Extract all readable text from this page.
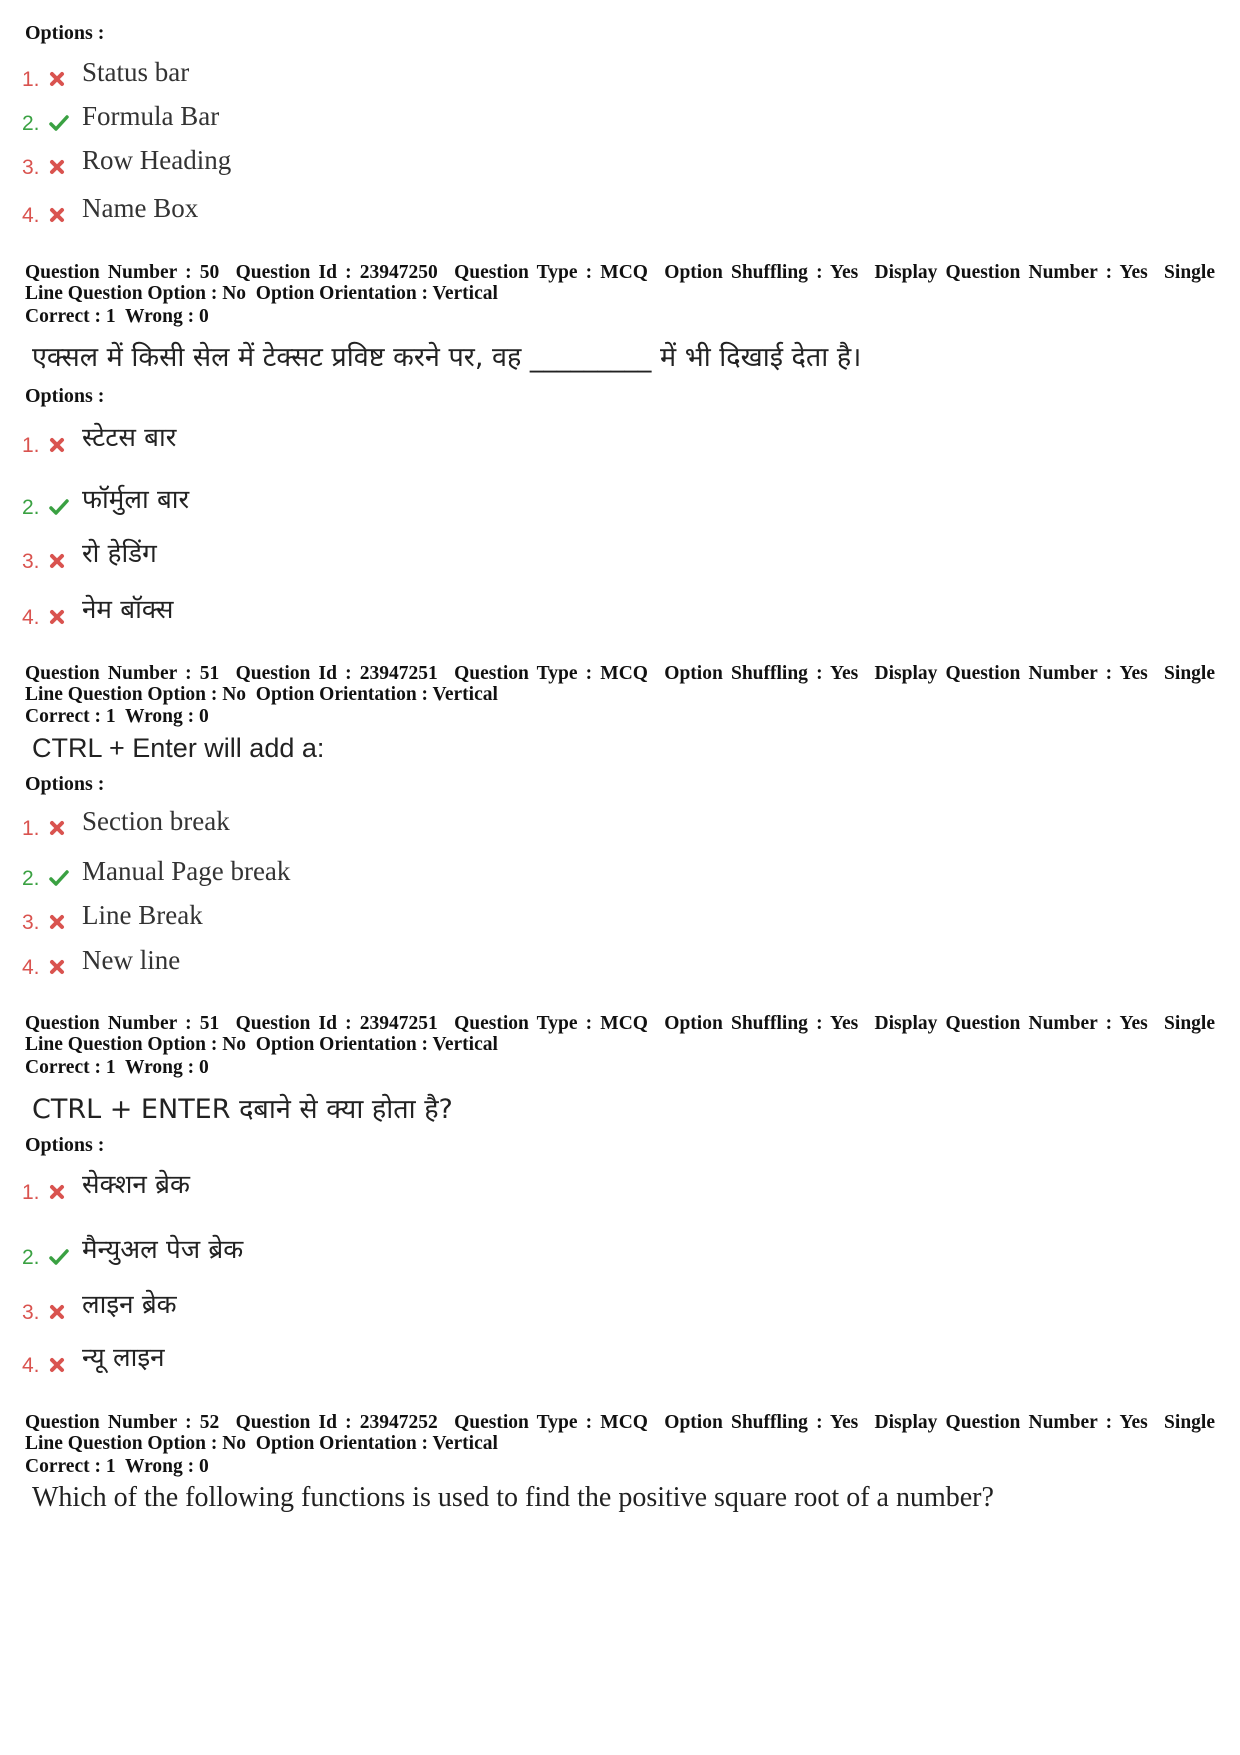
Options :
1. Status bar
2. Formula Bar
3. Row Heading
4. Name Box
Question Number : 50  Question Id : 23947250  Question Type : MCQ  Option Shuffling : Yes  Display Question Number : Yes  Single
Line Question Option : No  Option Orientation : Vertical
Correct : 1  Wrong : 0
एक्सल में किसी सेल में टेक्सट प्रविष्ट करने पर, वह _________ में भी दिखाई देता है।
Options :
1. स्टेटस बार
2. फॉर्मुला बार
3. रो हेडिंग
4. नेम बॉक्स
Question Number : 51  Question Id : 23947251  Question Type : MCQ  Option Shuffling : Yes  Display Question Number : Yes  Single
Line Question Option : No  Option Orientation : Vertical
Correct : 1  Wrong : 0
CTRL + Enter will add a:
Options :
1. Section break
2. Manual Page break
3. Line Break
4. New line
Question Number : 51  Question Id : 23947251  Question Type : MCQ  Option Shuffling : Yes  Display Question Number : Yes  Single
Line Question Option : No  Option Orientation : Vertical
Correct : 1  Wrong : 0
CTRL + ENTER दबाने से क्या होता है?
Options :
1. सेक्शन ब्रेक
2. मैन्युअल पेज ब्रेक
3. लाइन ब्रेक
4. न्यू लाइन
Question Number : 52  Question Id : 23947252  Question Type : MCQ  Option Shuffling : Yes  Display Question Number : Yes  Single
Line Question Option : No  Option Orientation : Vertical
Correct : 1  Wrong : 0
Which of the following functions is used to find the positive square root of a number?
